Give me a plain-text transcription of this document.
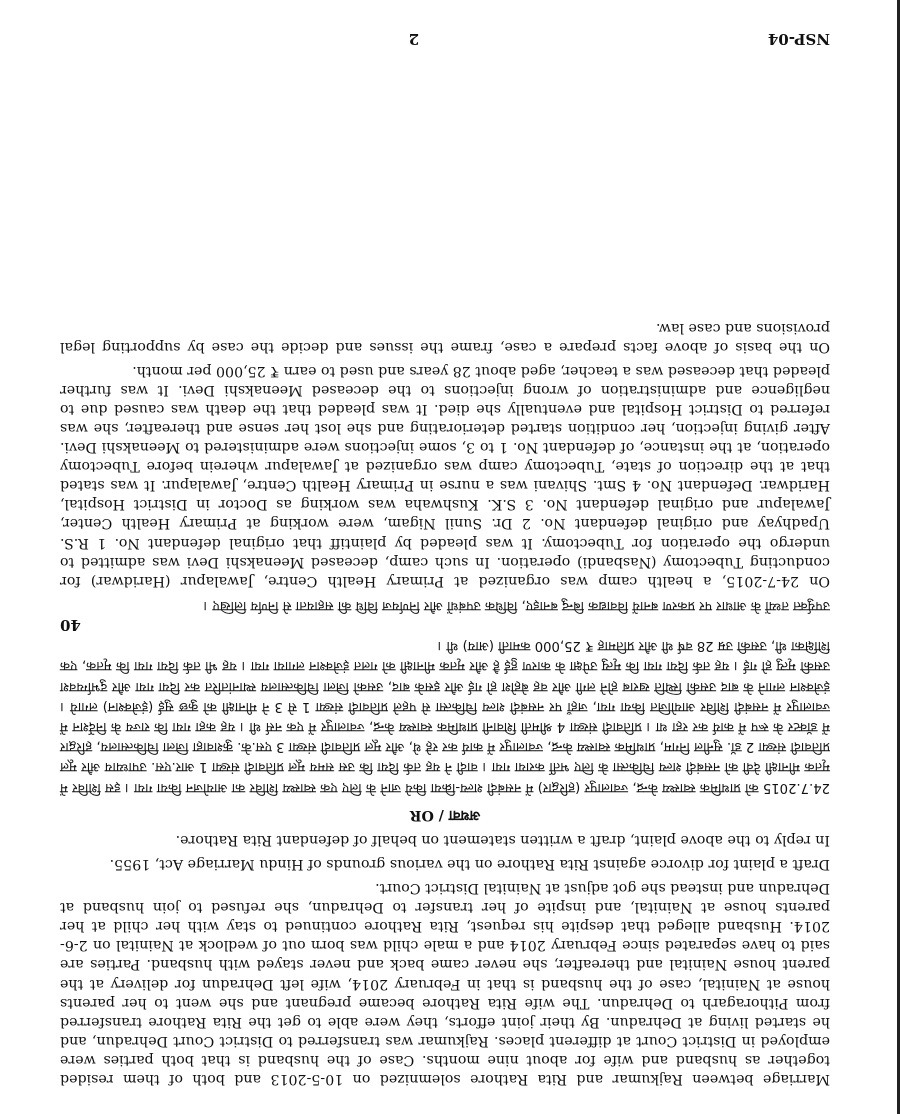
Marriage between Rajkumar and Rita Rathore solemnized on 10-5-2013 and both of them resided together as husband and wife for about nine months. Case of the husband is that both parties were employed in District Court at different places. Rajkumar was transferred to District Court Dehradun, and he started living at Dehradun. By their joint efforts, they were able to get the Rita Rathore transferred from Pithoragarh to Dehradun. The wife Rita Rathore became pregnant and she went to her parents house at Nainital, case of the husband is that in February 2014, wife left Dehradun for delivery at the parent house Nainital and thereafter, she never came back and never stayed with husband. Parties are said to have separated since February 2014 and a male child was born out of wedlock at Nainital on 2-6-2014. Husband alleged that despite his request, Rita Rathore continued to stay with her child at her parents house at Nainital, and inspite of her transfer to Dehradun, she refused to join husband at Dehradun and instead she got adjust at Nainital District Court.

Draft a plaint for divorce against Rita Rathore on the various grounds of Hindu Marriage Act, 1955.

In reply to the above plaint, draft a written statement on behalf of defendant Rita Rathore.

अथवा / OR

24.7.2015 को प्राथमिक स्वास्थ्य केन्द्र, ज्वालापुर (हरिद्वार) में नसबंदी शल्य-क्रिया किये जाने के लिए एक स्वास्थ्य शिविर का आयोजन किया गया । इस शिविर में मृतक मीनाक्षी देवी को नसबंदी शल्य चिकित्सा के लिए भर्ती कराया गया । वादी ने यह तर्क दिया कि उस समय मूल प्रतिवादी संख्या 1 आर.एस. उपाध्याय और मूल प्रतिवादी संख्या 2 डॉ. सुनील निगम, प्राथमिक स्वास्थ्य केन्द्र, ज्वालापुर में कार्य कर रहे थे, और मूल प्रतिवादी संख्या 3 एस.के. कुशवाहा जिला चिकित्सालय, हरिद्वार में डॉक्टर के रूप में कार्य कर रहा था । प्रतिवादी संख्या 4 श्रीमती शिवानी प्राथमिक स्वास्थ्य केन्द्र, ज्वालापुर में एक नर्स थी । यह कहा गया कि राज्य के निर्देशन में ज्वालापुर में नसबंदी शिविर आयोजित किया गया, जहाँ पर नसबंदी शल्य चिकित्सा से पहले प्रतिवादी संख्या 1 से 3 ने मीनाक्षी को कुछ सुई (इंजेक्शन) लगाये । इंजेक्शन लगाने के बाद उसकी स्थिति खराब होने लगी और वह बेहोश हो गई और इसके बाद, उसको जिला चिकित्सालय स्थानांतरित कर दिया गया और दुर्भाग्यवश उसकी मृत्यु हो गई । यह तर्क दिया गया कि मृत्यु उपेक्षा के कारण हुई है और मृतक मीनाक्षी को गलत इंजेक्शन लगाया गया । यह भी तर्क दिया गया कि मृतक, एक शिक्षिका थी, उसकी उम्र 28 वर्ष थी और प्रतिमाह ₹ 25,000 कमाती (आय) थी ।

40

उपर्युक्त तथ्यों के आधार पर प्रकरण बनायें विवाद्यक बिन्दु बनाइए, विधिक उपबंधों और निर्णयज विधि की सहायता से निर्णय लिखिए ।

On 24-7-2015, a health camp was organized at Primary Health Centre, Jawalapur (Haridwar) for conducting Tubectomy (Nasbandi) operation. In such camp, deceased Meenakshi Devi was admitted to undergo the operation for Tubectomy. It was pleaded by plaintiff that original defendant No. 1 R.S. Upadhyay and original defendant No. 2 Dr. Sunil Nigam, were working at Primary Health Center, Jawalapur and original defendant No. 3 S.K. Kushwaha was working as Doctor in District Hospital, Haridwar. Defendant No. 4 Smt. Shivani was a nurse in Primary Health Centre, Jawalapur. It was stated that at the direction of state, Tubectomy camp was organized at Jawalapur wherein before Tubectomy operation, at the instance, of defendant No. 1 to 3, some injections were administered to Meenakshi Devi. After giving injection, her condition started deteriorating and she lost her sense and thereafter, she was referred to District Hospital and eventually she died. It was pleaded that the death was caused due to negligence and administration of wrong injections to the deceased Meenakshi Devi. It was further pleaded that deceased was a teacher, aged about 28 years and used to earn ₹ 25,000 per month.

On the basis of above facts prepare a case, frame the issues and decide the case by supporting legal provisions and case law.

NSP-04
2
